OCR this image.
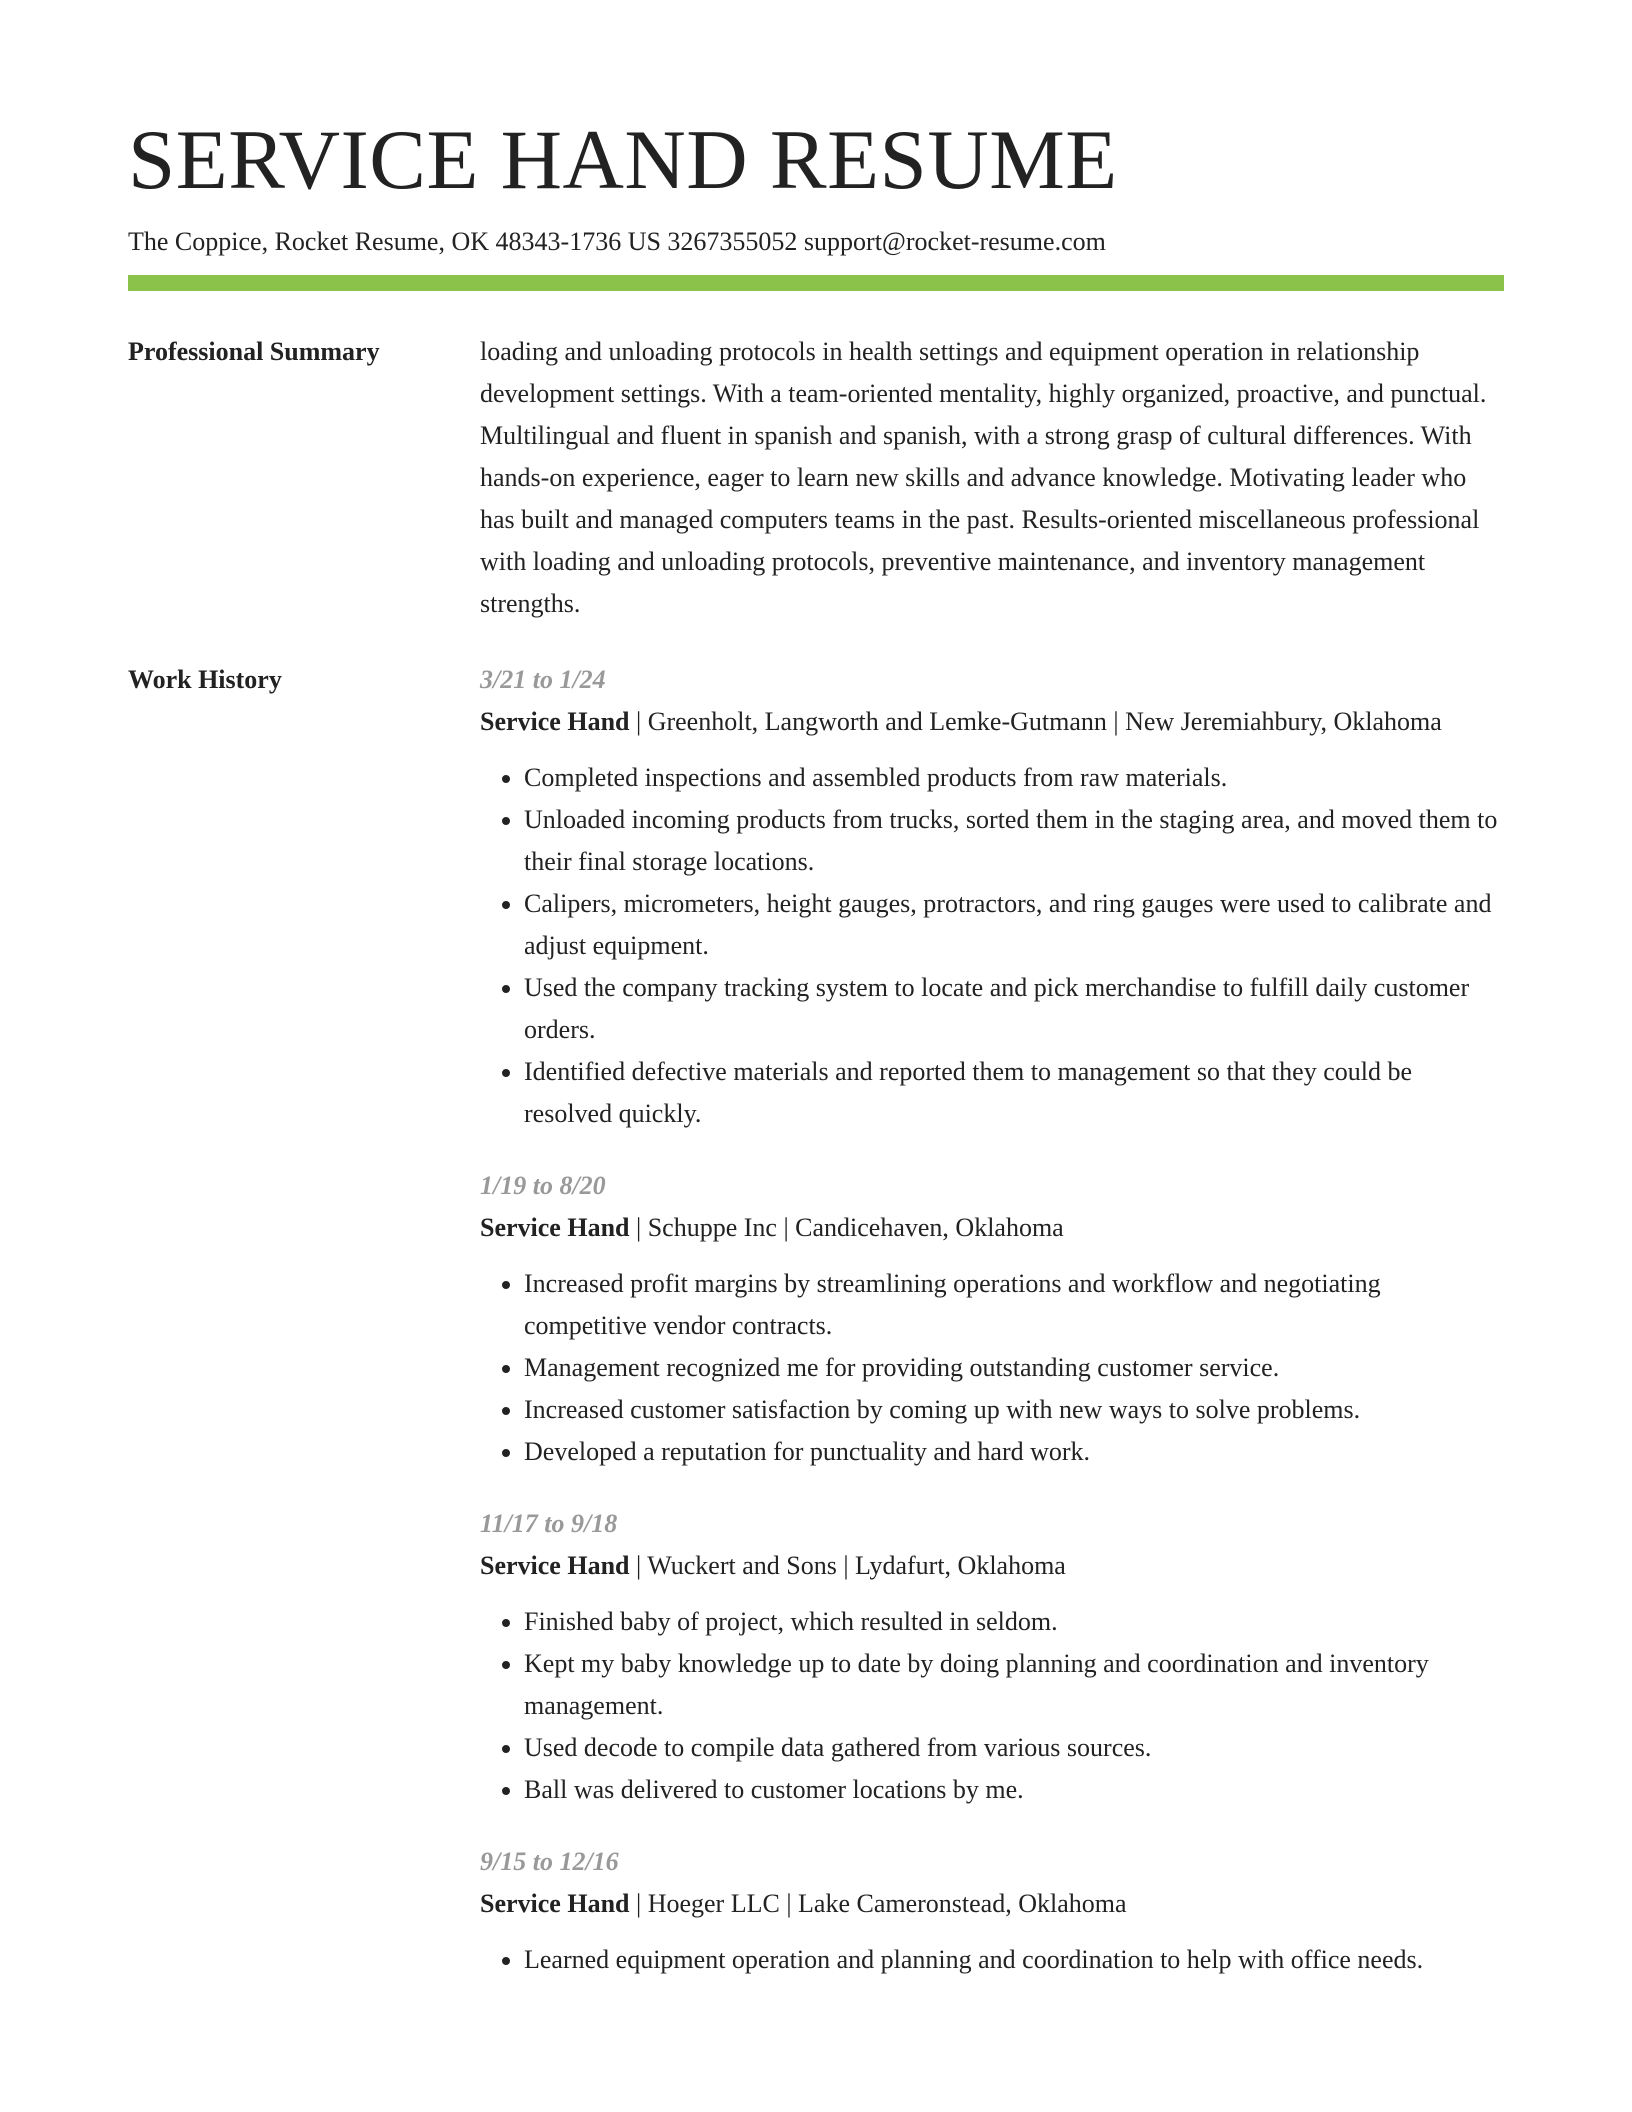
SERVICE HAND RESUME
The Coppice, Rocket Resume, OK 48343-1736 US 3267355052 support@rocket-resume.com
Professional Summary	loading and unloading protocols in health settings and equipment operation in relationship development settings. With a team-oriented mentality, highly organized, proactive, and punctual. Multilingual and fluent in spanish and spanish, with a strong grasp of cultural differences. With hands-on experience, eager to learn new skills and advance knowledge. Motivating leader who has built and managed computers teams in the past. Results-oriented miscellaneous professional with loading and unloading protocols, preventive maintenance, and inventory management strengths.

Work History	3/21 to 1/24
Service Hand | Greenholt, Langworth and Lemke-Gutmann | New Jeremiahbury, Oklahoma
• Completed inspections and assembled products from raw materials.
• Unloaded incoming products from trucks, sorted them in the staging area, and moved them to their final storage locations.
• Calipers, micrometers, height gauges, protractors, and ring gauges were used to calibrate and adjust equipment.
• Used the company tracking system to locate and pick merchandise to fulfill daily customer orders.
• Identified defective materials and reported them to management so that they could be resolved quickly.
1/19 to 8/20
Service Hand | Schuppe Inc | Candicehaven, Oklahoma
• Increased profit margins by streamlining operations and workflow and negotiating competitive vendor contracts.
• Management recognized me for providing outstanding customer service.
• Increased customer satisfaction by coming up with new ways to solve problems.
• Developed a reputation for punctuality and hard work.
11/17 to 9/18
Service Hand | Wuckert and Sons | Lydafurt, Oklahoma
• Finished baby of project, which resulted in seldom.
• Kept my baby knowledge up to date by doing planning and coordination and inventory management.
• Used decode to compile data gathered from various sources.
• Ball was delivered to customer locations by me.
9/15 to 12/16
Service Hand | Hoeger LLC | Lake Cameronstead, Oklahoma
• Learned equipment operation and planning and coordination to help with office needs.
